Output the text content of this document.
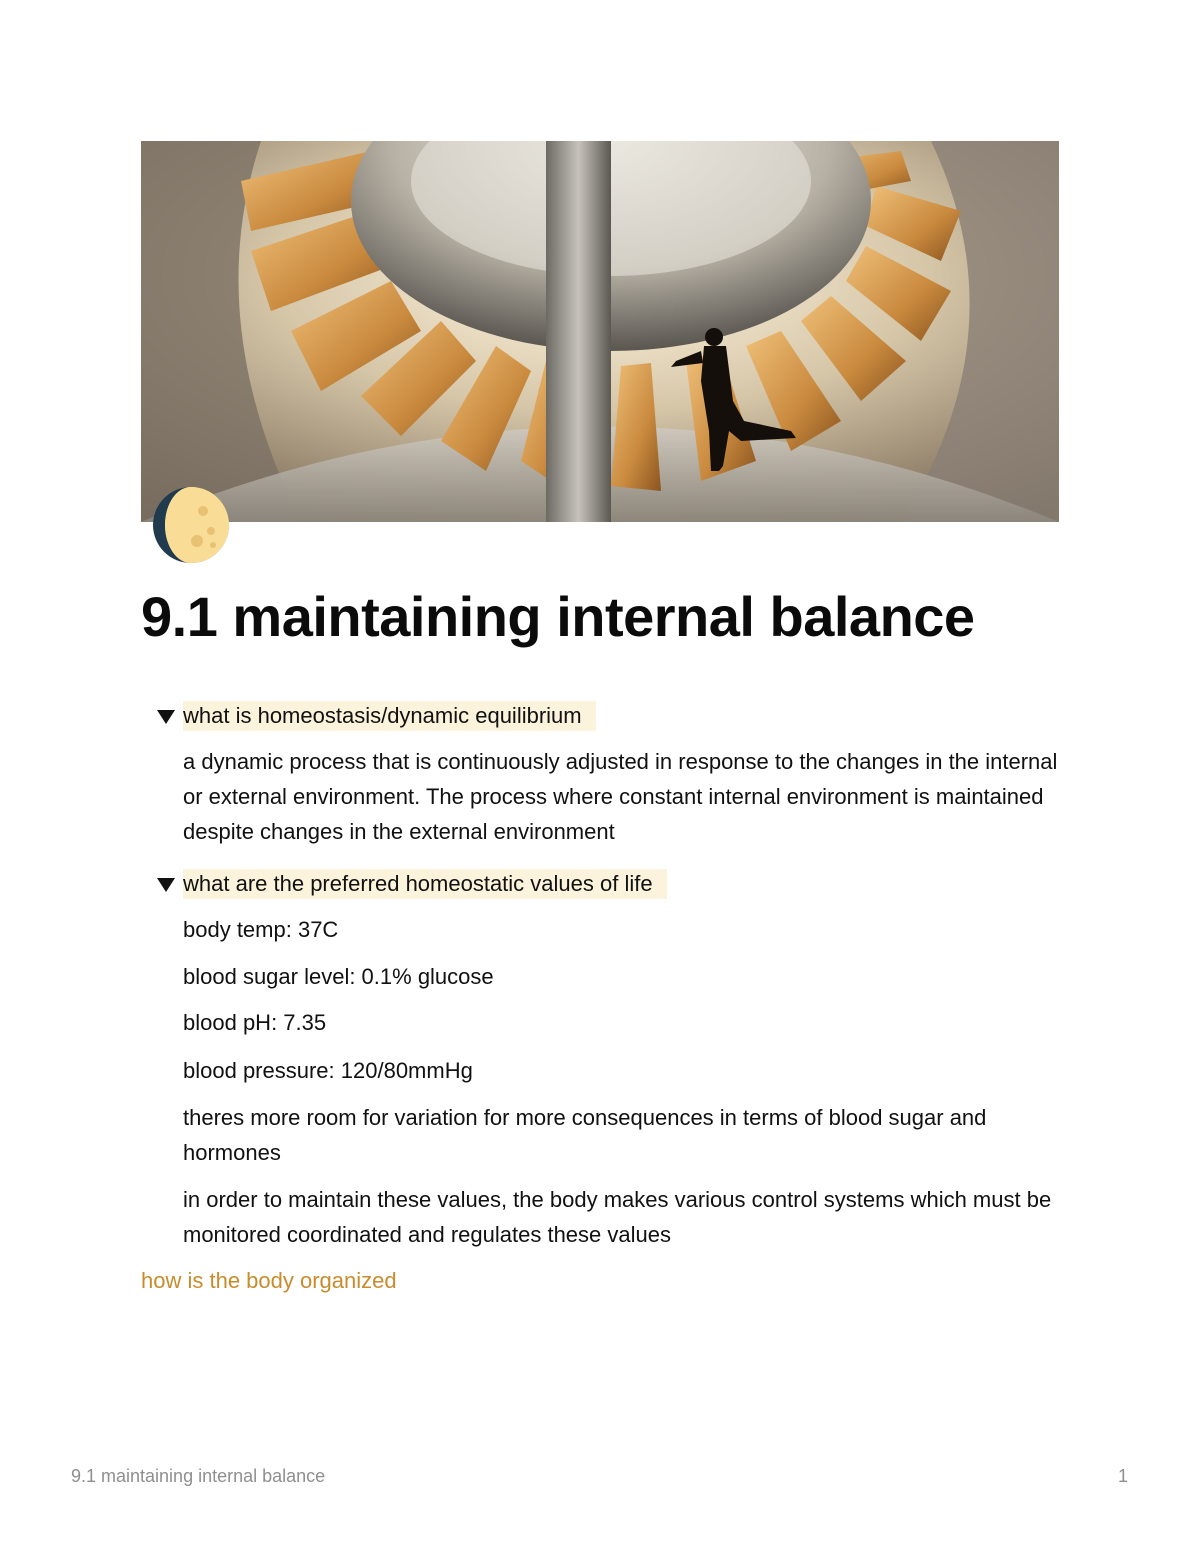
9.1 maintaining internal balance
what is homeostasis/dynamic equilibrium

a dynamic process that is continuously adjusted in response to the changes in the internal or external environment. The process where constant internal environment is maintained despite changes in the external environment

what are the preferred homeostatic values of life

body temp: 37C

blood sugar level: 0.1% glucose

blood pH: 7.35

blood pressure: 120/80mmHg

theres more room for variation for more consequences in terms of blood sugar and hormones

in order to maintain these values, the body makes various control systems which must be monitored coordinated and regulates these values

how is the body organized
9.1 maintaining internal balance	1
